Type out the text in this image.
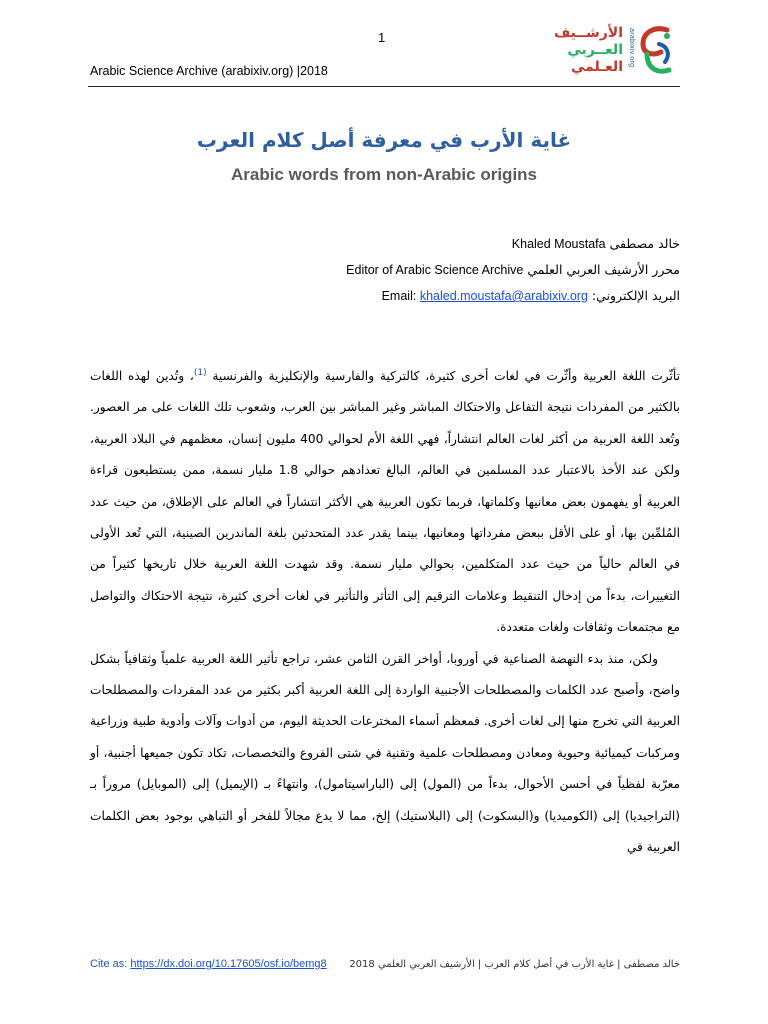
1	الأرشــيف
العــربي
العـلمي arabixiv.org
Arabic Science Archive (arabixiv.org) |2018
غاية الأرب في معرفة أصل كلام العرب
Arabic words from non-Arabic origins
خالد مصطفى Khaled Moustafa
محرر الأرشيف العربي العلمي Editor of Arabic Science Archive
البريد الإلكتروني: Email: khaled.moustafa@arabixiv.org

تأثّرت اللغة العربية وأثّرت في لغات أخرى كثيرة، كالتركية والفارسية والإنكليزية والفرنسية $^{(1)}$، وتُدين لهذه اللغات بالكثير من المفردات نتيجة التفاعل والاحتكاك المباشر وغير المباشر بين العرب، وشعوب تلك اللغات على مر العصور. وتُعد اللغة العربية من أكثر لغات العالم انتشاراً، فهي اللغة الأم لحوالي 400 مليون إنسان، معظمهم في البلاد العربية، ولكن عند الأخذ بالاعتبار عدد المسلمين في العالم، البالغ تعدادهم حوالي 1.8 مليار نسمة، ممن يستطيعون قراءة العربية أو يفهمون بعض معانيها وكلماتها، فربما تكون العربية هي الأكثر انتشاراً في العالم على الإطلاق، من حيث عدد المُلمِّين بها، أو على الأقل ببعض مفرداتها ومعانيها، بينما يقدر عدد المتحدثين بلغة الماندرين الصينية، التي تُعد الأولى في العالم حالياً من حيث عدد المتكلمين، بحوالي مليار نسمة. وقد شهدت اللغة العربية خلال تاريخها كثيراً من التغييرات، بدءاً من إدخال التنقيط وعلامات الترقيم إلى التأثر والتأثير في لغات أخرى كثيرة، نتيجة الاحتكاك والتواصل مع مجتمعات وثقافات ولغات متعددة.

ولكن، منذ بدء النهضة الصناعية في أوروبا، أواخر القرن الثامن عشر، تراجع تأثير اللغة العربية علمياً وثقافياً بشكل واضح، وأصبح عدد الكلمات والمصطلحات الأجنبية الواردة إلى اللغة العربية أكبر بكثير من عدد المفردات والمصطلحات العربية التي تخرج منها إلى لغات أخرى. فمعظم أسماء المخترعات الحديثة اليوم، من أدوات وآلات وأدوية طبية وزراعية ومركبات كيميائية وحيوية ومعادن ومصطلحات علمية وتقنية في شتى الفروع والتخصصات، تكاد تكون جميعها أجنبية، أو معرّبة لفظياً في أحسن الأحوال، بدءاً من (المول) إلى (الباراسيتامول)، وانتهاءً بـ (الإيميل) إلى (الموبايل) مروراً بـ (التراجيديا) إلى (الكوميديا) و(البسكوت) إلى (البلاستيك) إلخ، مما لا يدع مجالاً للفخر أو التباهي بوجود بعض الكلمات العربية في

Cite as: https://dx.doi.org/10.17605/osf.io/bemg8 خالد مصطفى | غاية الأرب في أصل كلام العرب | الأرشيف العربي العلمي 2018
